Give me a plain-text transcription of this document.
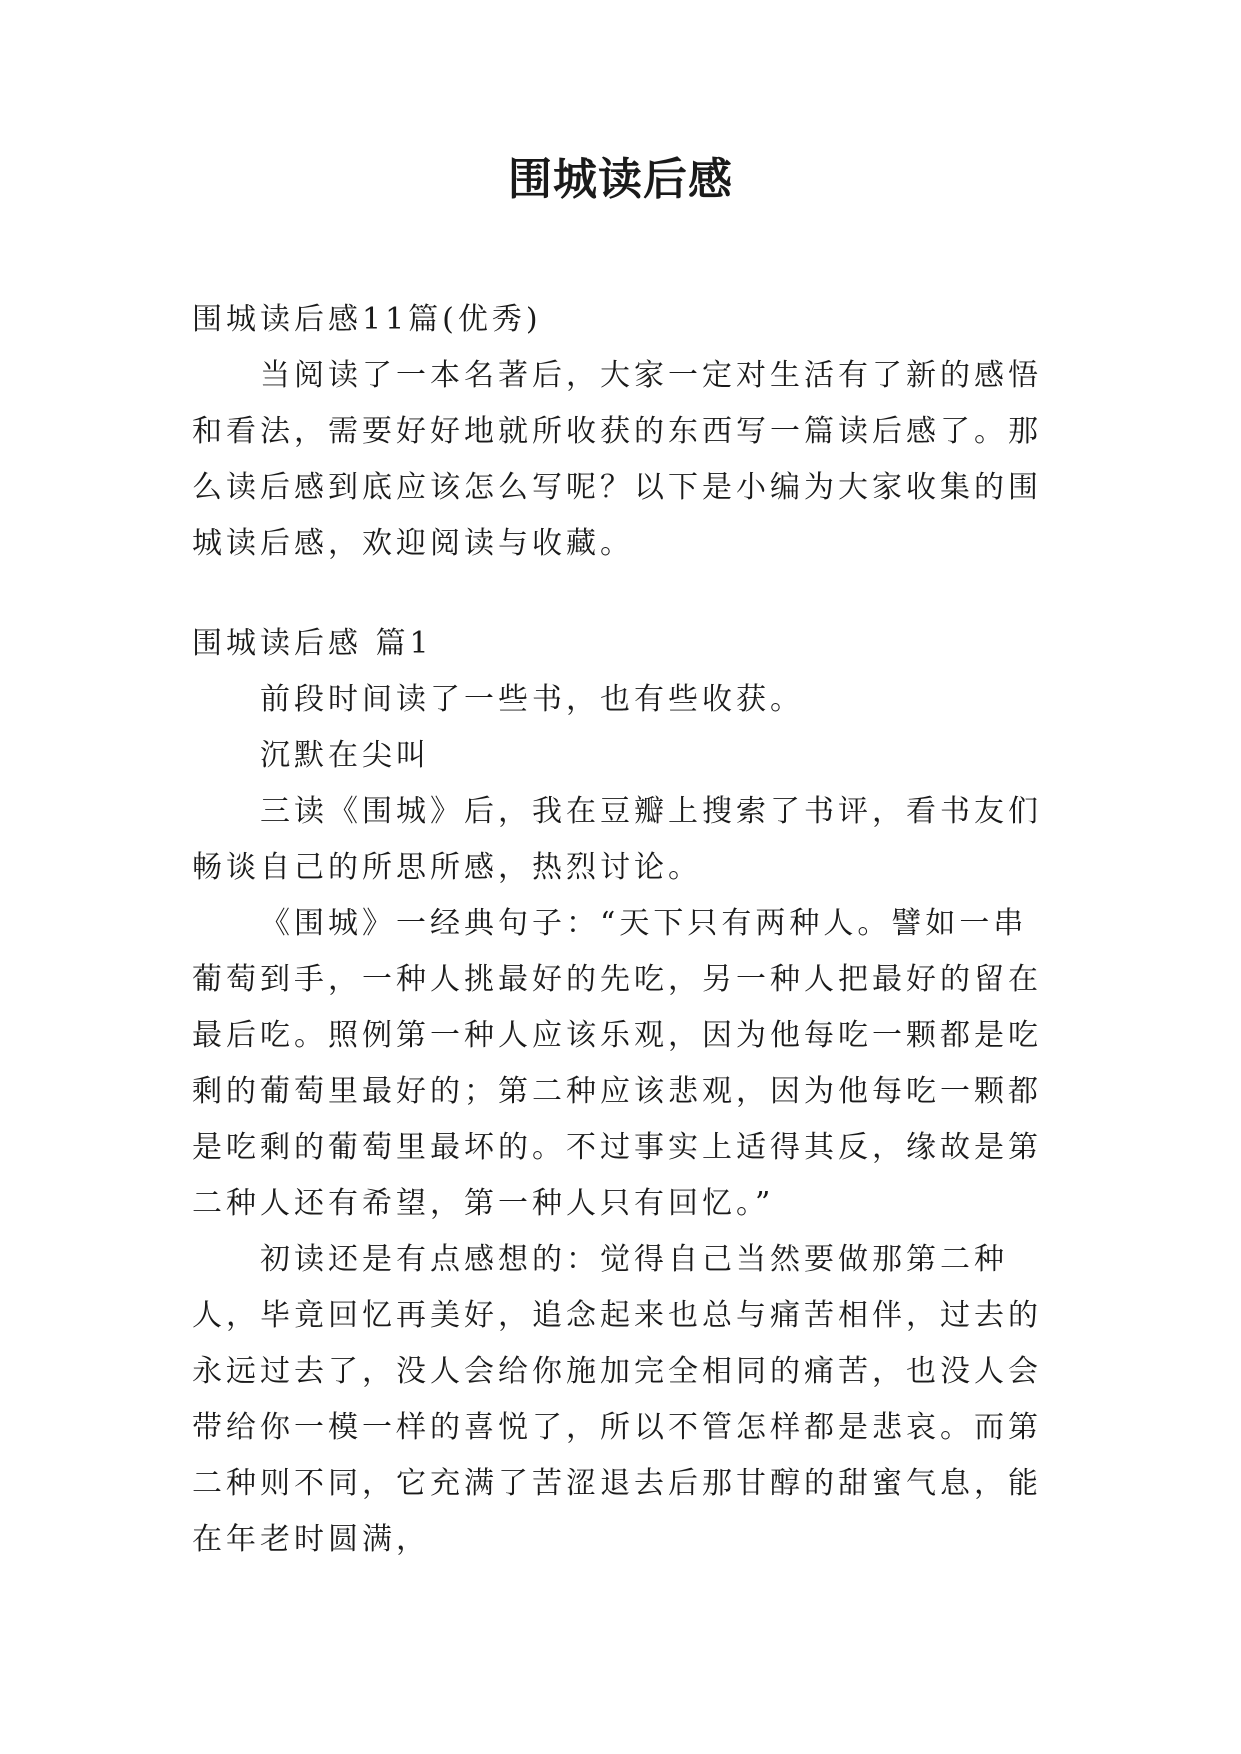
围城读后感

围城读后感11篇(优秀)

当阅读了一本名著后，大家一定对生活有了新的感悟和看法，需要好好地就所收获的东西写一篇读后感了。那么读后感到底应该怎么写呢？以下是小编为大家收集的围城读后感，欢迎阅读与收藏。

围城读后感 篇1

前段时间读了一些书，也有些收获。

沉默在尖叫

三读《围城》后，我在豆瓣上搜索了书评，看书友们畅谈自己的所思所感，热烈讨论。

《围城》一经典句子：“天下只有两种人。譬如一串葡萄到手，一种人挑最好的先吃，另一种人把最好的留在最后吃。照例第一种人应该乐观，因为他每吃一颗都是吃剩的葡萄里最好的；第二种应该悲观，因为他每吃一颗都是吃剩的葡萄里最坏的。不过事实上适得其反，缘故是第二种人还有希望，第一种人只有回忆。”

初读还是有点感想的：觉得自己当然要做那第二种人，毕竟回忆再美好，追念起来也总与痛苦相伴，过去的永远过去了，没人会给你施加完全相同的痛苦，也没人会带给你一模一样的喜悦了，所以不管怎样都是悲哀。而第二种则不同，它充满了苦涩退去后那甘醇的甜蜜气息，能在年老时圆满，
